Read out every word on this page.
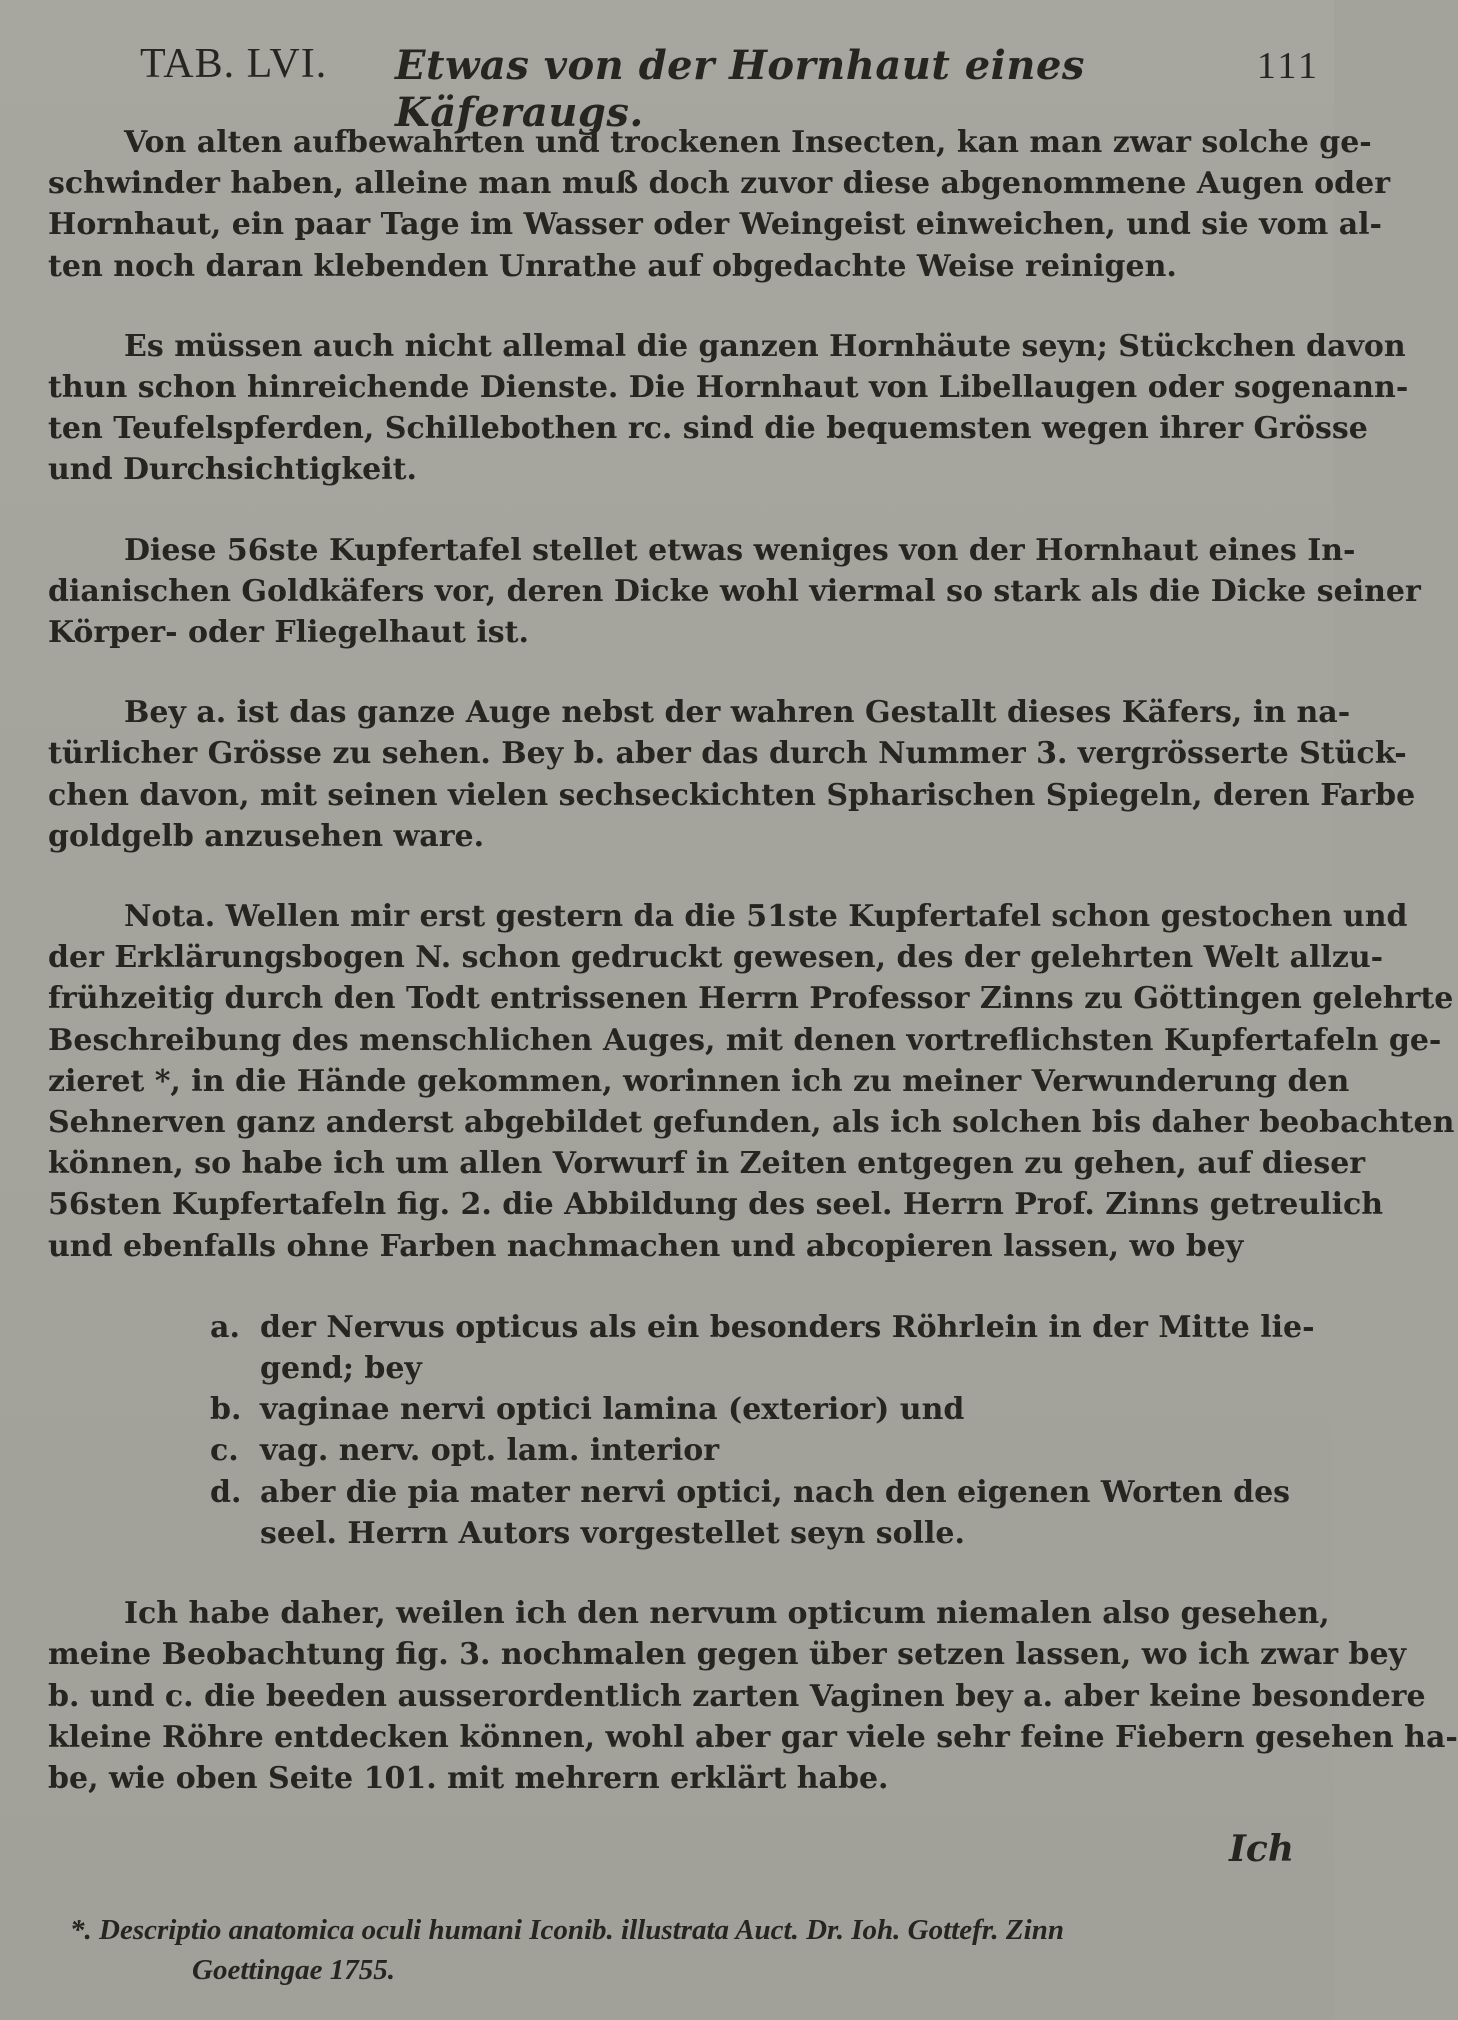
TAB. LVI. Etwas von der Hornhaut eines Käferaugs.
111
Von alten aufbewahrten und trockenen Insecten, kan man zwar solche ge-
schwinder haben, alleine man muß doch zuvor diese abgenommene Augen oder
Hornhaut, ein paar Tage im Wasser oder Weingeist einweichen, und sie vom al-
ten noch daran klebenden Unrathe auf obgedachte Weise reinigen.
Es müssen auch nicht allemal die ganzen Hornhäute seyn; Stückchen davon
thun schon hinreichende Dienste. Die Hornhaut von Libellaugen oder sogenann-
ten Teufelspferden, Schillebothen rc. sind die bequemsten wegen ihrer Grösse
und Durchsichtigkeit.
Diese 56ste Kupfertafel stellet etwas weniges von der Hornhaut eines In-
dianischen Goldkäfers vor, deren Dicke wohl viermal so stark als die Dicke seiner
Körper- oder Fliegelhaut ist.
Bey a. ist das ganze Auge nebst der wahren Gestallt dieses Käfers, in na-
türlicher Grösse zu sehen. Bey b. aber das durch Nummer 3. vergrösserte Stück-
chen davon, mit seinen vielen sechseckichten Spharischen Spiegeln, deren Farbe
goldgelb anzusehen ware.
Nota. Wellen mir erst gestern da die 51ste Kupfertafel schon gestochen und
der Erklärungsbogen N. schon gedruckt gewesen, des der gelehrten Welt allzu-
frühzeitig durch den Todt entrissenen Herrn Professor Zinns zu Göttingen gelehrte
Beschreibung des menschlichen Auges, mit denen vortreflichsten Kupfertafeln ge-
zieret *, in die Hände gekommen, worinnen ich zu meiner Verwunderung den
Sehnerven ganz anderst abgebildet gefunden, als ich solchen bis daher beobachten
können, so habe ich um allen Vorwurf in Zeiten entgegen zu gehen, auf dieser
56sten Kupfertafeln fig. 2. die Abbildung des seel. Herrn Prof. Zinns getreulich
und ebenfalls ohne Farben nachmachen und abcopieren lassen, wo bey
a. der Nervus opticus als ein besonders Röhrlein in der Mitte lie-
gend; bey
b. vaginae nervi optici lamina (exterior) und
c. vag. nerv. opt. lam. interior
d. aber die pia mater nervi optici, nach den eigenen Worten des
seel. Herrn Autors vorgestellet seyn solle.
Ich habe daher, weilen ich den nervum opticum niemalen also gesehen,
meine Beobachtung fig. 3. nochmalen gegen über setzen lassen, wo ich zwar bey
b. und c. die beeden ausserordentlich zarten Vaginen bey a. aber keine besondere
kleine Röhre entdecken können, wohl aber gar viele sehr feine Fiebern gesehen ha-
be, wie oben Seite 101. mit mehrern erklärt habe.
Ich
*. Descriptio anatomica oculi humani Iconib. illustrata Auct. Dr. Ioh. Gottefr. Zinn
Goettingae 1755.
